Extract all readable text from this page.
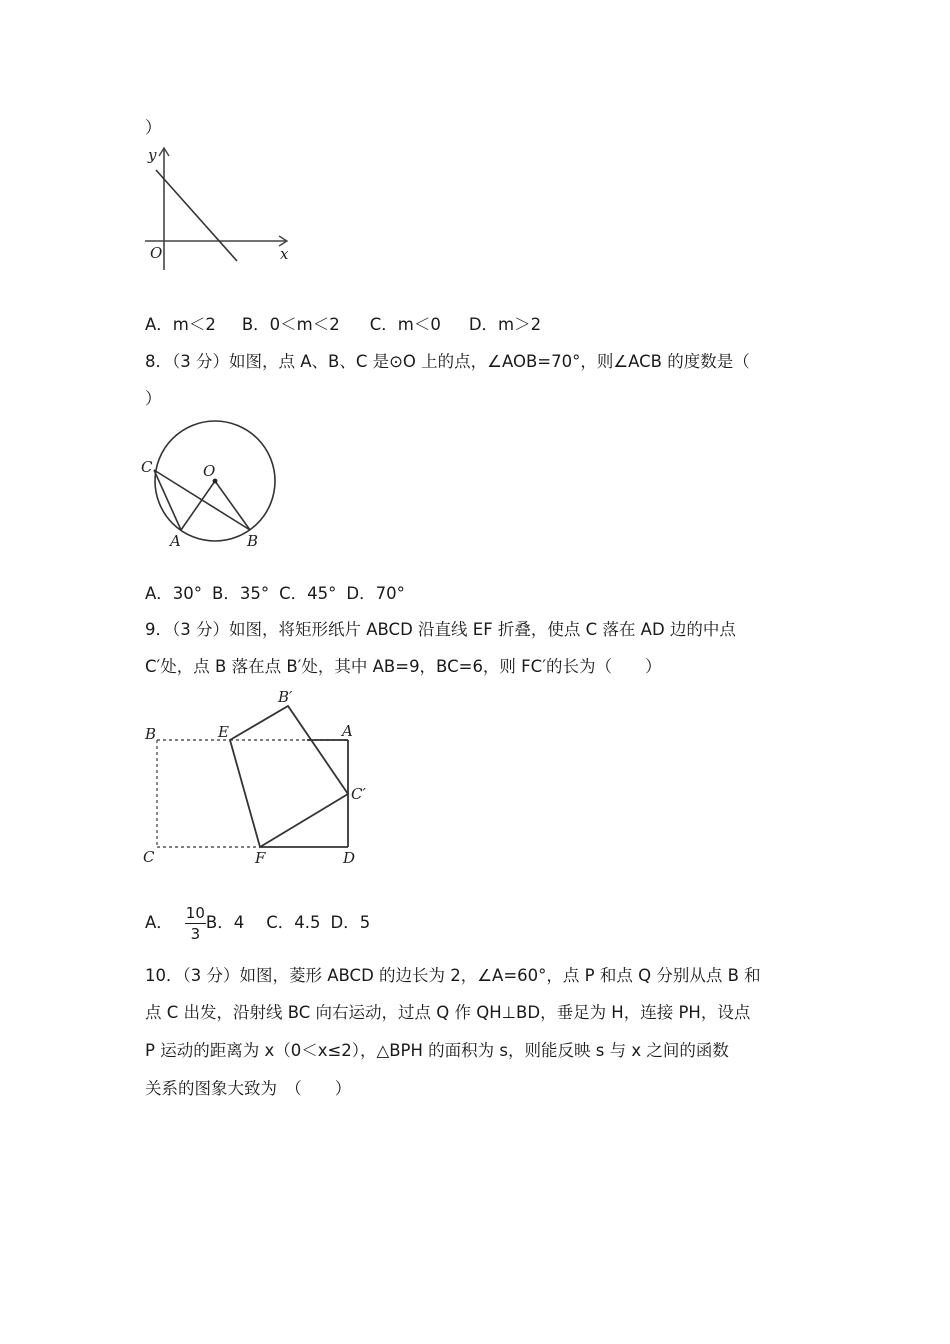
）
y
x
O
A．m＜2 B．0＜m＜2 C．m＜0 D．m＞2
8．（3 分）如图，点 A、B、C 是⊙O 上的点，∠AOB=70°，则∠ACB 的度数是（
）
C	O
A	B
A．30° B．35° C．45° D．70°
9．（3 分）如图，将矩形纸片 ABCD 沿直线 EF 折叠，使点 C 落在 AD 边的中点
C′处，点 B 落在点 B′处，其中 AB=9，BC=6，则 FC′的长为（　　）
B	E
B′
A
C′
C	F	D
A． $\frac{10}{3}$ B．4 C．4.5 D．5
10．（3 分）如图，菱形 ABCD 的边长为 2，∠A=60°，点 P 和点 Q 分别从点 B 和
点 C 出发，沿射线 BC 向右运动，过点 Q 作 QH⊥BD，垂足为 H，连接 PH，设点
P 运动的距离为 x（0＜x≤2），△BPH 的面积为 s，则能反映 s 与 x 之间的函数
关系的图象大致为　（　　）
